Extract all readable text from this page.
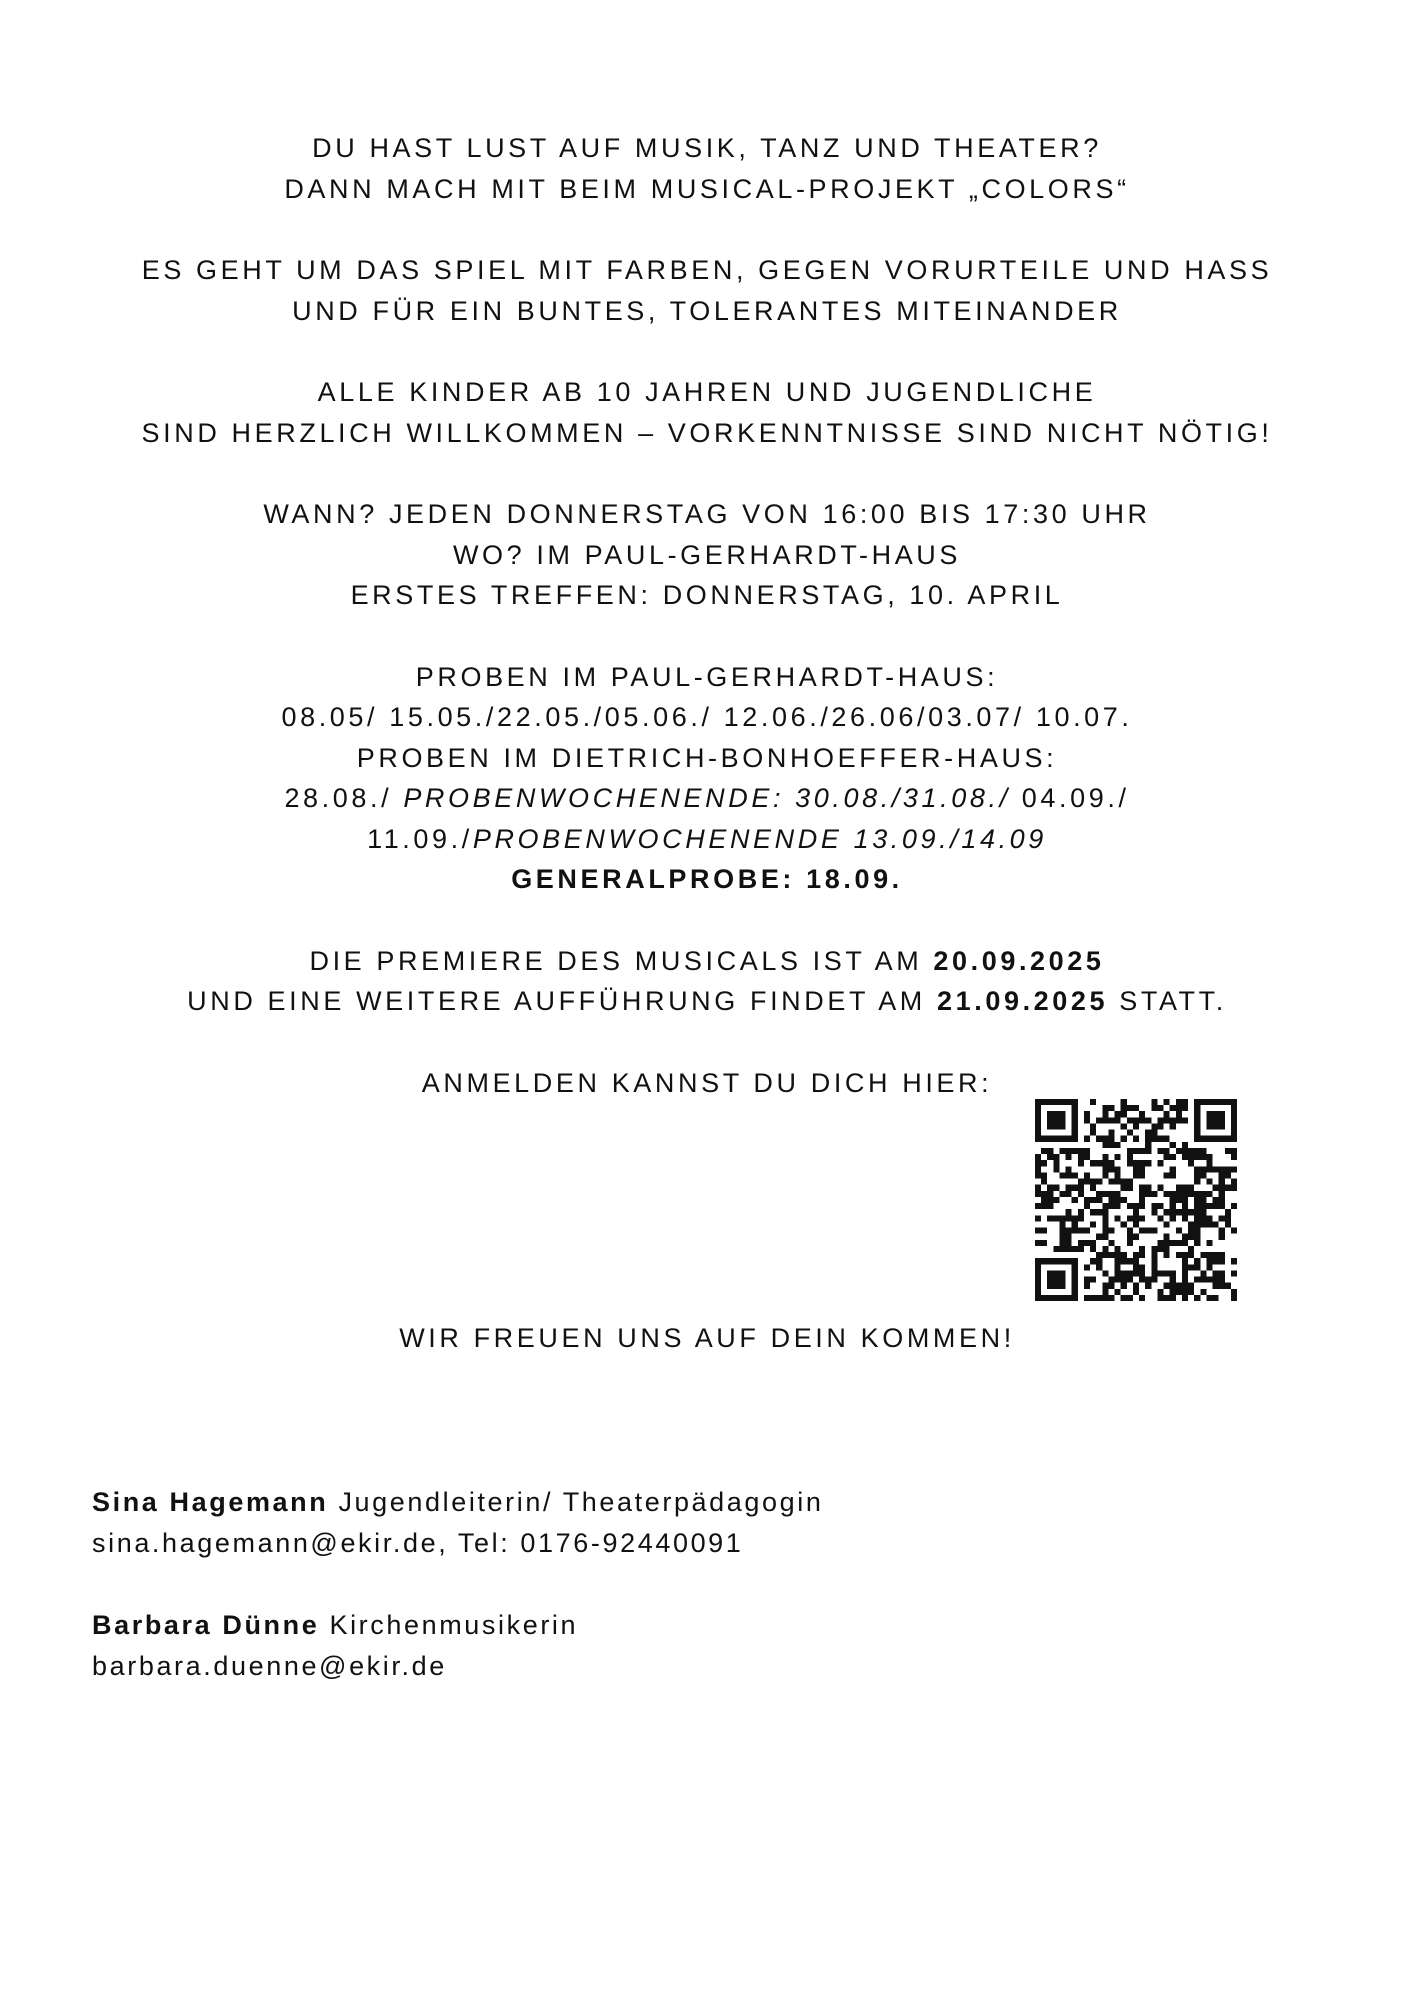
DU HAST LUST AUF MUSIK, TANZ UND THEATER?

DANN MACH MIT BEIM MUSICAL-PROJEKT „COLORS“

ES GEHT UM DAS SPIEL MIT FARBEN, GEGEN VORURTEILE UND HASS

UND FÜR EIN BUNTES, TOLERANTES MITEINANDER

ALLE KINDER AB 10 JAHREN UND JUGENDLICHE

SIND HERZLICH WILLKOMMEN – VORKENNTNISSE SIND NICHT NÖTIG!

WANN? JEDEN DONNERSTAG VON 16:00 BIS 17:30 UHR

WO? IM PAUL-GERHARDT-HAUS

ERSTES TREFFEN: DONNERSTAG, 10. APRIL

PROBEN IM PAUL-GERHARDT-HAUS:

08.05/ 15.05./22.05./05.06./ 12.06./26.06/03.07/ 10.07.

PROBEN IM DIETRICH-BONHOEFFER-HAUS:

28.08./ PROBENWOCHENENDE: 30.08./31.08./ 04.09./

11.09./PROBENWOCHENENDE 13.09./14.09

GENERALPROBE: 18.09.

DIE PREMIERE DES MUSICALS IST AM 20.09.2025

UND EINE WEITERE AUFFÜHRUNG FINDET AM 21.09.2025 STATT.

ANMELDEN KANNST DU DICH HIER:

WIR FREUEN UNS AUF DEIN KOMMEN!

Sina Hagemann Jugendleiterin/ Theaterpädagogin

sina.hagemann@ekir.de, Tel: 0176-92440091

Barbara Dünne Kirchenmusikerin

barbara.duenne@ekir.de
